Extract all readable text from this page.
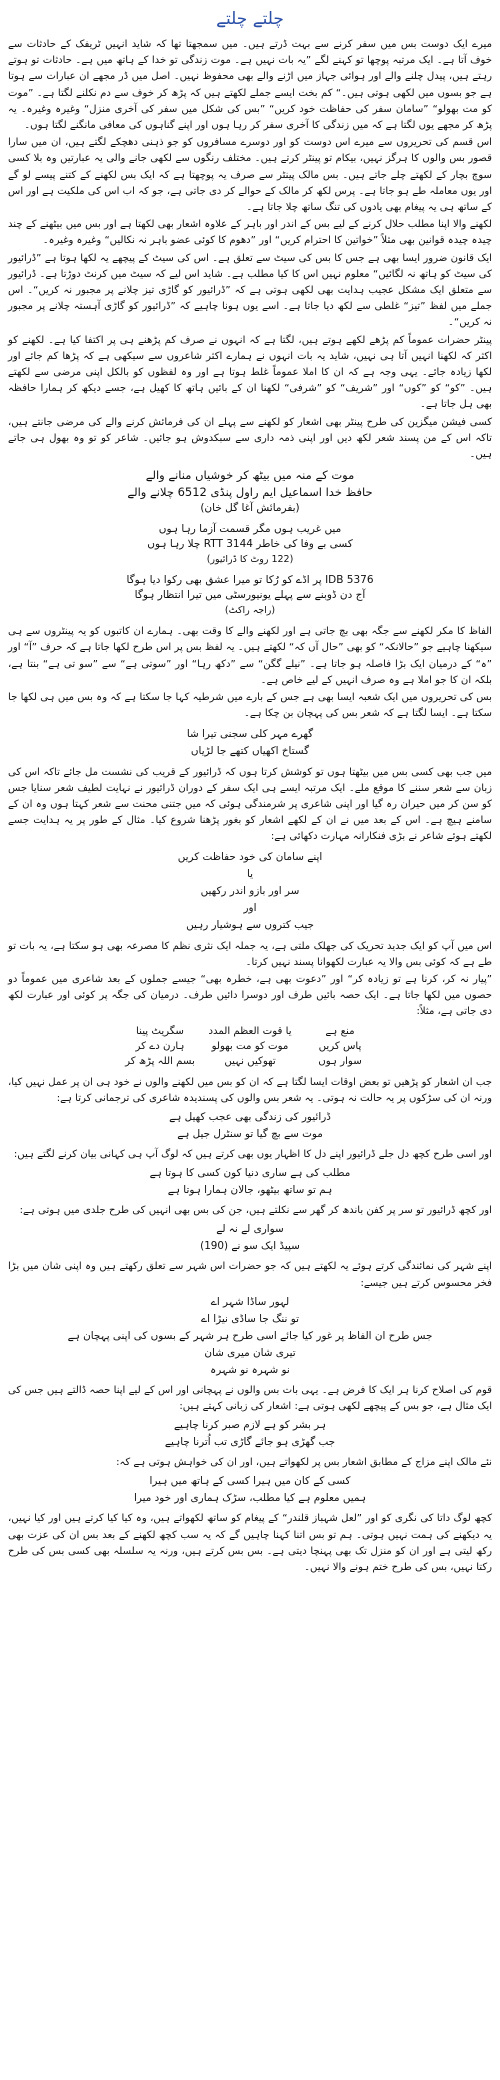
چلتے چلتے

میرے ایک دوست بس میں سفر کرنے سے بہت ڈرتے ہیں۔ میں سمجھتا تھا کہ شاید انہیں ٹریفک کے حادثات سے خوف آتا ہے۔ ایک مرتبہ پوچھا تو کہنے لگے ”یہ بات نہیں ہے۔ موت زندگی تو خدا کے ہاتھ میں ہے۔ حادثات تو ہوتے رہتے ہیں، پیدل چلنے والے اور ہوائی جہاز میں اڑنے والے بھی محفوظ نہیں۔ اصل میں ڈر مجھے ان عبارات سے ہوتا ہے جو بسوں میں لکھی ہوتی ہیں۔“ کم بخت ایسے جملے لکھتے ہیں کہ پڑھ کر خوف سے دم نکلنے لگتا ہے۔ ”موت کو مت بھولو“ ”سامان سفر کی حفاظت خود کریں“ ”بس کی شکل میں سفر کی آخری منزل“ وغیرہ وغیرہ۔ یہ پڑھ کر مجھے یوں لگتا ہے کہ میں زندگی کا آخری سفر کر رہا ہوں اور اپنے گناہوں کی معافی مانگنے لگتا ہوں۔

اس قسم کی تحریروں سے میرے اس دوست کو اور دوسرے مسافروں کو جو ذہنی دھچکے لگتے ہیں، ان میں سارا قصور بس والوں کا ہرگز نہیں، بیکام تو پینٹر کرتے ہیں۔ مختلف رنگوں سے لکھی جانے والی یہ عبارتیں وہ بلا کسی سوچ بچار کے لکھتے چلے جاتے ہیں۔ بس مالک پینٹر سے صرف یہ پوچھتا ہے کہ ایک بس لکھنے کے کتنے پیسے لو گے اور یوں معاملہ طے ہو جاتا ہے۔ پرس لکھ کر مالک کے حوالے کر دی جاتی ہے، جو کہ اب اس کی ملکیت ہے اور اس کے ساتھ ہی یہ پیغام بھی یادوں کی تنگ ساتھ چلا جاتا ہے۔

لکھنے والا اپنا مطلب حلال کرنے کے لیے بس کے اندر اور باہر کے علاوہ اشعار بھی لکھتا ہے اور بس میں بیٹھنے کے چند چیدہ چیدہ قوانین بھی مثلاً ”خواتین کا احترام کریں“ اور ”دھوم کا کوئی عضو باہر نہ نکالیں“ وغیرہ وغیرہ۔

ایک قانون ضرور ایسا بھی ہے جس کا بس کی سیٹ سے تعلق ہے۔ اس کی سیٹ کے پیچھے یہ لکھا ہوتا ہے ”ڈرائیور کی سیٹ کو ہاتھ نہ لگائیں“ معلوم نہیں اس کا کیا مطلب ہے۔ شاید اس لیے کہ سیٹ میں کرنٹ دوڑتا ہے۔ ڈرائیور سے متعلق ایک مشکل عجیب ہدایت بھی لکھی ہوتی ہے کہ ”ڈرائیور کو گاڑی تیز چلانے پر مجبور نہ کریں“۔ اس جملے میں لفظ ”تیز“ غلطی سے لکھ دیا جاتا ہے۔ اسے یوں ہونا چاہیے کہ ”ڈرائیور کو گاڑی آہستہ چلانے پر مجبور نہ کریں“۔

پینٹر حضرات عموماً کم پڑھے لکھے ہوتے ہیں، لگتا ہے کہ انہوں نے صرف کم پڑھنے ہی پر اکتفا کیا ہے۔ لکھنے کو اکثر کہ لکھنا انہیں آتا ہی نہیں، شاید یہ بات انہوں نے ہمارے اکثر شاعروں سے سیکھی ہے کہ پڑھا کم جائے اور لکھا زیادہ جائے۔ یہی وجہ ہے کہ ان کا املا عموماً غلط ہوتا ہے اور وہ لفظوں کو بالکل اپنی مرضی سے لکھتے ہیں۔ ”کو“ کو ”کوں“ اور ”شریف“ کو ”شرفی“ لکھنا ان کے بائیں ہاتھ کا کھیل ہے، جسے دیکھ کر ہمارا حافظہ بھی ہل جاتا ہے۔

کسی فیشن میگزین کی طرح پینٹر بھی اشعار کو لکھنے سے پہلے ان کی فرمائش کرنے والے کی مرضی جانتے ہیں، تاکہ اس کے من پسند شعر لکھ دیں اور اپنی ذمہ داری سے سبکدوش ہو جائیں۔ شاعر کو تو وہ بھول ہی جاتے ہیں۔

موت کے منہ میں بیٹھ کر خوشیاں منانے والے
حافظ خدا اسماعیل ایم راول پنڈی 6512 چلانے والے
(بفرمائش آغا گل خان)
میں غریب ہوں مگر قسمت آزما رہا ہوں
کسی بے وفا کی خاطر RTT 3144 چلا رہا ہوں
(122 روٹ کا ڈرائیور)
IDB 5376 پر اڈے کو رُکا تو میرا عشق بھی رکوا دیا ہوگا
آج دن ڈوبنے سے پہلے یونیورسٹی میں تیرا انتظار ہوگا
(راجہ راکٹ)

الفاظ کا مکر لکھنے سے جگہ بھی بچ جاتی ہے اور لکھنے والے کا وقت بھی۔ ہمارے ان کاتبوں کو یہ پینٹروں سے ہی سیکھنا چاہیے جو ”حالانکہ“ کو بھی ”حال آں کہ“ لکھتے ہیں۔ یہ لفظ بس پر اس طرح لکھا جاتا ہے کہ حرف ”آ“ اور ”ہ“ کے درمیان ایک بڑا فاصلہ ہو جاتا ہے۔ ”نیلے گگن“ سے ”دکھ رہا“ اور ”سوتی ہے“ سے ”سو تی ہے“ بنتا ہے، بلکہ ان کا جو املا ہے وہ صرف انہیں کے لیے خاص ہے۔

بس کی تحریروں میں ایک شعبہ ایسا بھی ہے جس کے بارے میں شرطیہ کہا جا سکتا ہے کہ وہ بس میں ہی لکھا جا سکتا ہے۔ ایسا لگتا ہے کہ شعر بس کی پہچان بن چکا ہے۔

گھرے مہر کلی سجنی تیرا شا
گستاخ اکھیاں کتھے جا لڑیاں

میں جب بھی کسی بس میں بیٹھتا ہوں تو کوشش کرتا ہوں کہ ڈرائیور کے قریب کی نشست مل جائے تاکہ اس کی زبان سے شعر سننے کا موقع ملے۔ ایک مرتبہ ایسے ہی ایک سفر کے دوران ڈرائیور نے نہایت لطیف شعر سنایا جس کو سن کر میں حیران رہ گیا اور اپنی شاعری پر شرمندگی ہوئی کہ میں جتنی محنت سے شعر کہتا ہوں وہ ان کے سامنے ہیچ ہے۔ اس کے بعد میں نے ان کے لکھے اشعار کو بغور پڑھنا شروع کیا۔ مثال کے طور پر یہ ہدایت جسے لکھتے ہوئے شاعر نے بڑی فنکارانہ مہارت دکھائی ہے:

اپنے سامان کی خود حفاظت کریں
یا
سر اور بازو اندر رکھیں
اور
جیب کتروں سے ہوشیار رہیں

اس میں آپ کو ایک جدید تحریک کی جھلک ملتی ہے، یہ جملہ ایک نثری نظم کا مصرعہ بھی ہو سکتا ہے، یہ بات تو طے ہے کہ کوئی بس والا یہ عبارت لکھوانا پسند نہیں کرتا۔

”پیار نہ کر، کرنا ہے تو زیادہ کر“ اور ”دعوت بھی ہے، خطرہ بھی“ جیسے جملوں کے بعد شاعری میں عموماً دو حصوں میں لکھا جاتا ہے۔ ایک حصہ بائیں طرف اور دوسرا دائیں طرف۔ درمیان کی جگہ پر کوئی اور عبارت لکھ دی جاتی ہے، مثلاً:

منع ہے
یا قوت العظم المدد
سگریٹ پینا
پاس کریں
موت کو مت بھولو
ہارن دے کر
سوار ہوں
تھوکیں نہیں
بسم اللہ پڑھ کر

جب ان اشعار کو پڑھیں تو بعض اوقات ایسا لگتا ہے کہ ان کو بس میں لکھنے والوں نے خود ہی ان پر عمل نہیں کیا، ورنہ ان کی سڑکوں پر یہ حالت نہ ہوتی۔ یہ شعر بس والوں کی پسندیدہ شاعری کی ترجمانی کرتا ہے:

ڈرائیور کی زندگی بھی عجب کھیل ہے
موت سے بچ گیا تو سنٹرل جیل ہے

اور اسی طرح کچھ دل جلے ڈرائیور اپنے دل کا اظہار یوں بھی کرتے ہیں کہ لوگ آپ ہی کہانی بیان کرنے لگتے ہیں:

مطلب کی ہے ساری دنیا کون کسی کا ہوتا ہے
ہم تو ساتھ بیٹھو، جالان ہمارا ہوتا ہے

اور کچھ ڈرائیور تو سر پر کفن باندھ کر گھر سے نکلتے ہیں، جن کی بس بھی انہیں کی طرح جلدی میں ہوتی ہے:

سواری لے نہ لے
سپیڈ ایک سو نے (190)

اپنے شہر کی نمائندگی کرتے ہوئے یہ لکھتے ہیں کہ جو حضرات اس شہر سے تعلق رکھتے ہیں وہ اپنی شان میں بڑا فخر محسوس کرتے ہیں جیسے:

لہور ساڈا شہر اے
تو ننگ جا ساڈی نیڑا اے
جس طرح ان الفاظ پر غور کیا جائے اسی طرح ہر شہر کے بسوں کی اپنی پہچان ہے
تیری شان میری شان
نو شہرہ نو شہرہ

قوم کی اصلاح کرنا ہر ایک کا فرض ہے۔ یہی بات بس والوں نے پہچانی اور اس کے لیے اپنا حصہ ڈالتے ہیں جس کی ایک مثال ہے، جو بس کے پیچھے لکھی ہوتی ہے: اشعار کی زبانی کہتے ہیں:

ہر بشر کو ہے لازم صبر کرنا چاہیے
جب گھڑی ہو جائے گاڑی تب اُترنا چاہیے

نئے مالک اپنے مزاج کے مطابق اشعار بس پر لکھواتے ہیں، اور ان کی خواہش ہوتی ہے کہ:

کسی کے کان میں ہیرا کسی کے ہاتھ میں ہیرا
ہمیں معلوم ہے کیا مطلب، سڑک ہماری اور خود میرا

کچھ لوگ داتا کی نگری کو اور ”لعل شہباز قلندر“ کے پیغام کو ساتھ لکھواتے ہیں، وہ کیا کیا کرتے ہیں اور کیا نہیں، یہ دیکھنے کی ہمت نہیں ہوتی۔ ہم تو بس اتنا کہنا چاہیں گے کہ یہ سب کچھ لکھنے کے بعد بس ان کی عزت بھی رکھ لیتی ہے اور ان کو منزل تک بھی پہنچا دیتی ہے۔ بس بس کرتے ہیں، ورنہ یہ سلسلہ بھی کسی بس کی طرح رکتا نہیں، بس کی طرح ختم ہونے والا نہیں۔
